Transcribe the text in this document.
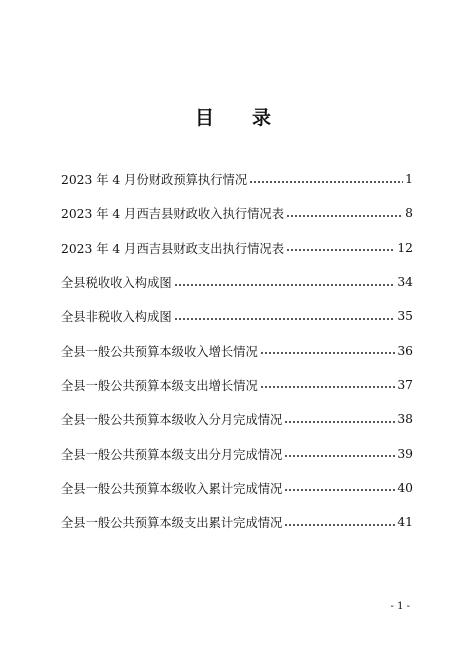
目 录
2023 年 4 月份财政预算执行情况	1
2023 年 4 月西吉县财政收入执行情况表	8
2023 年 4 月西吉县财政支出执行情况表	12
全县税收收入构成图	34
全县非税收入构成图	35
全县一般公共预算本级收入增长情况	36
全县一般公共预算本级支出增长情况	37
全县一般公共预算本级收入分月完成情况	38
全县一般公共预算本级支出分月完成情况	39
全县一般公共预算本级收入累计完成情况	40
全县一般公共预算本级支出累计完成情况	41
- 1 -
